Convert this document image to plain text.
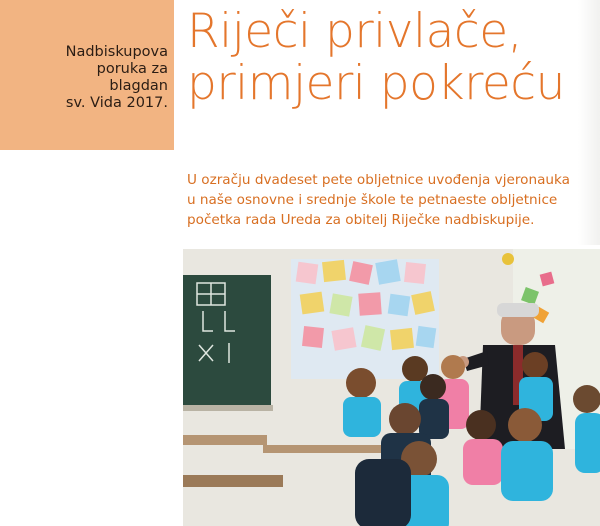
Nadbiskupova
poruka za
blagdan
sv. Vida 2017.
Riječi privlače,
primjeri pokreću

U ozračju dvadeset pete obljetnice uvođenja vjeronauka
u naše osnovne i srednje škole te petnaeste obljetnice
početka rada Ureda za obitelj Riječke nadbiskupije.
